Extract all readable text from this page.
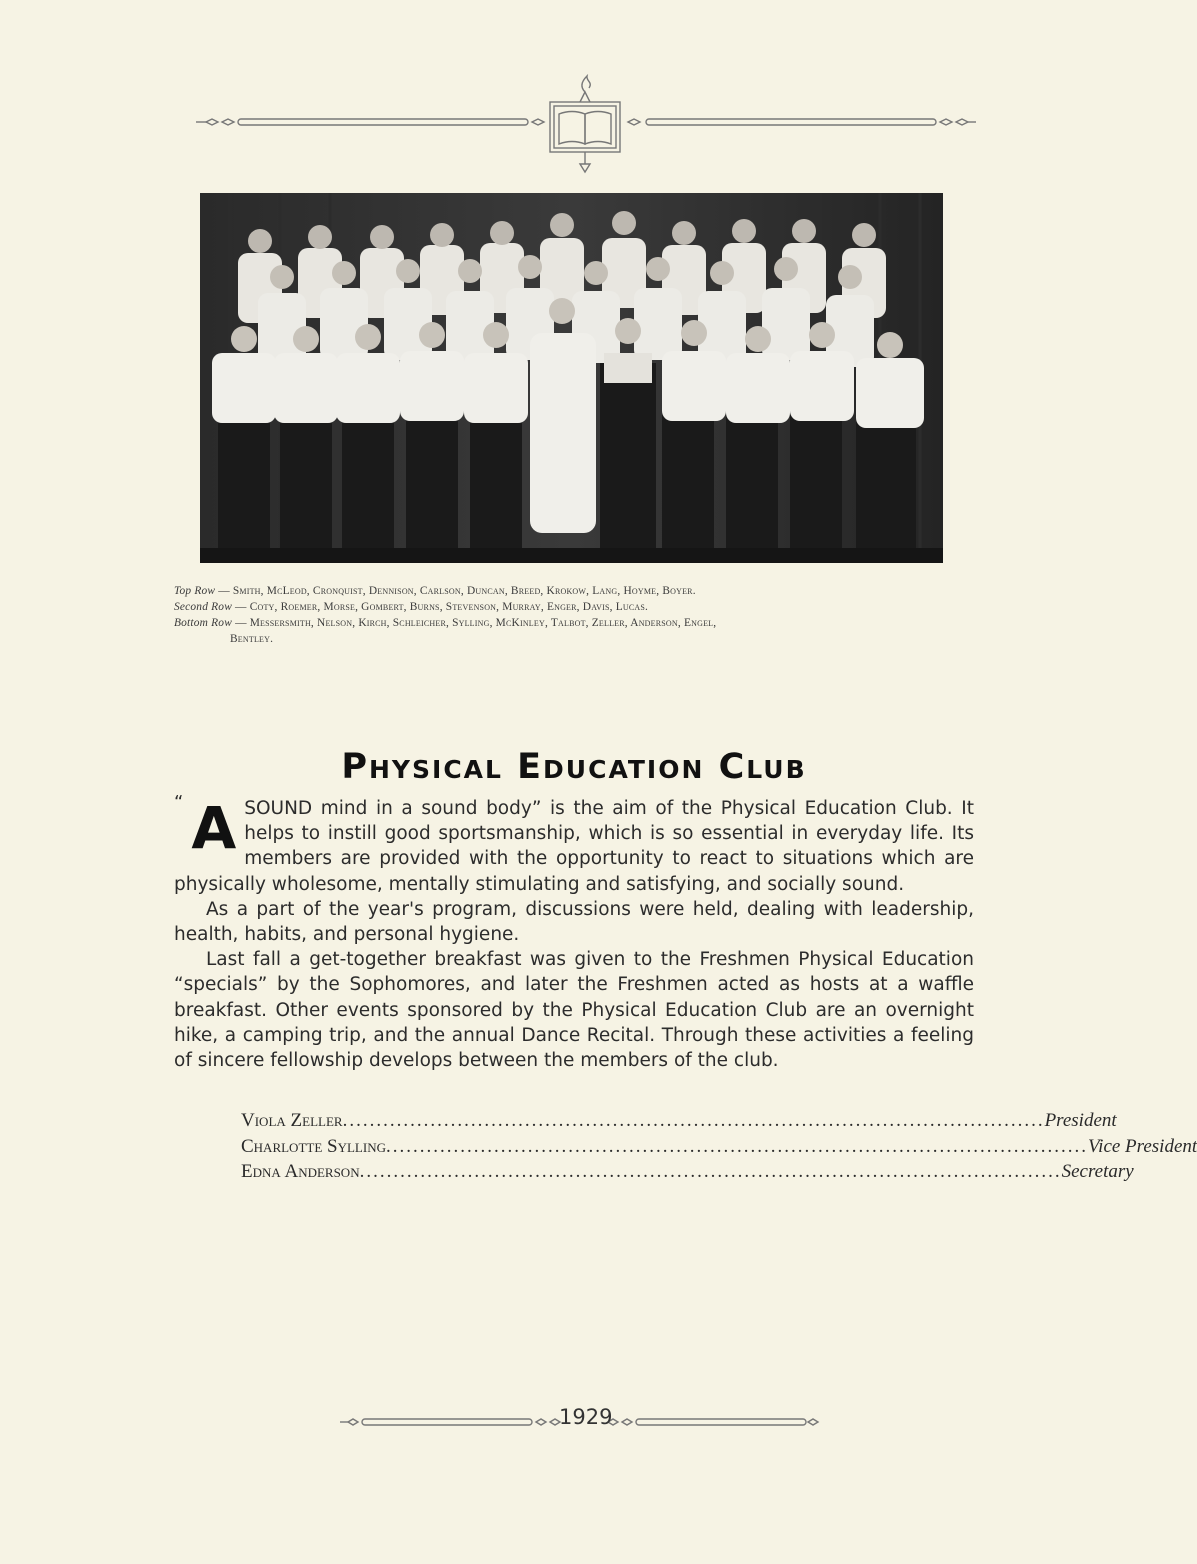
Top Row — Smith, McLeod, Cronquist, Dennison, Carlson, Duncan, Breed, Krokow, Lang, Hoyme, Boyer.
Second Row — Coty, Roemer, Morse, Gombert, Burns, Stevenson, Murray, Enger, Davis, Lucas.
Bottom Row — Messersmith, Nelson, Kirch, Schleicher, Sylling, McKinley, Talbot, Zeller, Anderson, Engel,
Bentley.
Physical Education Club

“ A SOUND mind in a sound body” is the aim of the Physical Education Club. It helps to instill good sportsmanship, which is so essential in everyday life. Its members are provided with the opportunity to react to situations which are physically wholesome, mentally stimulating and satisfying, and socially sound.

As a part of the year's program, discussions were held, dealing with leadership, health, habits, and personal hygiene.

Last fall a get-together breakfast was given to the Freshmen Physical Education “specials” by the Sophomores, and later the Freshmen acted as hosts at a waffle breakfast. Other events sponsored by the Physical Education Club are an overnight hike, a camping trip, and the annual Dance Recital. Through these activities a feeling of sincere fellowship develops between the members of the club.

Viola Zeller ........................................................................................................ President
Charlotte Sylling ........................................................................................................ Vice President
Edna Anderson ........................................................................................................ Secretary
1929
